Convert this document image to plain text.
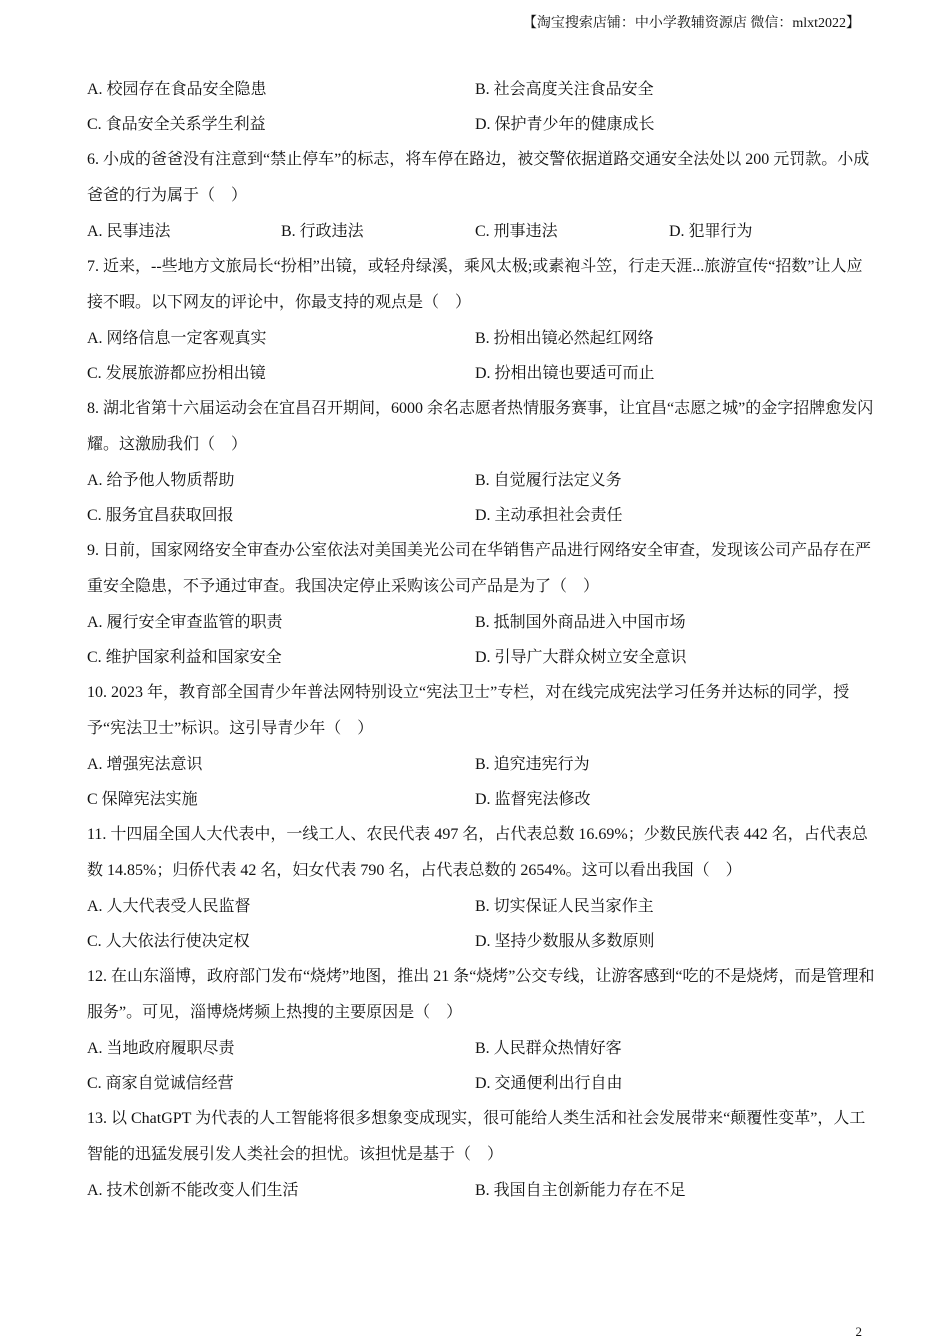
【淘宝搜索店铺：中小学教辅资源店 微信：mlxt2022】
A. 校园存在食品安全隐患	B. 社会高度关注食品安全
C. 食品安全关系学生利益	D. 保护青少年的健康成长

6. 小成的爸爸没有注意到“禁止停车”的标志，将车停在路边，被交警依据道路交通安全法处以 200 元罚款。小成爸爸的行为属于（　）

A. 民事违法	B. 行政违法	C. 刑事违法	D. 犯罪行为

7. 近来，--些地方文旅局长“扮相”出镜，或轻舟绿溪，乘风太极;或素袍斗笠，行走天涯...旅游宣传“招数”让人应接不暇。以下网友的评论中，你最支持的观点是（　）

A. 网络信息一定客观真实	B. 扮相出镜必然起红网络
C. 发展旅游都应扮相出镜	D. 扮相出镜也要适可而止

8. 湖北省第十六届运动会在宜昌召开期间，6000 余名志愿者热情服务赛事，让宜昌“志愿之城”的金字招牌愈发闪耀。这激励我们（　）

A. 给予他人物质帮助	B. 自觉履行法定义务
C. 服务宜昌获取回报	D. 主动承担社会责任

9. 日前，国家网络安全审查办公室依法对美国美光公司在华销售产品进行网络安全审查，发现该公司产品存在严重安全隐患，不予通过审查。我国决定停止采购该公司产品是为了（　）

A. 履行安全审查监管的职责	B. 抵制国外商品进入中国市场
C. 维护国家利益和国家安全	D. 引导广大群众树立安全意识

10. 2023 年，教育部全国青少年普法网特别设立“宪法卫士”专栏，对在线完成宪法学习任务并达标的同学，授予“宪法卫士”标识。这引导青少年（　）

A. 增强宪法意识	B. 追究违宪行为
C 保障宪法实施	D. 监督宪法修改

11. 十四届全国人大代表中，一线工人、农民代表 497 名，占代表总数 16.69%；少数民族代表 442 名，占代表总数 14.85%；归侨代表 42 名，妇女代表 790 名，占代表总数的 2654%。这可以看出我国（　）

A. 人大代表受人民监督	B. 切实保证人民当家作主
C. 人大依法行使决定权	D. 坚持少数服从多数原则

12. 在山东淄博，政府部门发布“烧烤”地图，推出 21 条“烧烤”公交专线，让游客感到“吃的不是烧烤，而是管理和服务”。可见，淄博烧烤频上热搜的主要原因是（　）

A. 当地政府履职尽责	B. 人民群众热情好客
C. 商家自觉诚信经营	D. 交通便利出行自由

13. 以 ChatGPT 为代表的人工智能将很多想象变成现实，很可能给人类生活和社会发展带来“颠覆性变革”，人工智能的迅猛发展引发人类社会的担忧。该担忧是基于（　）

A. 技术创新不能改变人们生活	B. 我国自主创新能力存在不足
2
